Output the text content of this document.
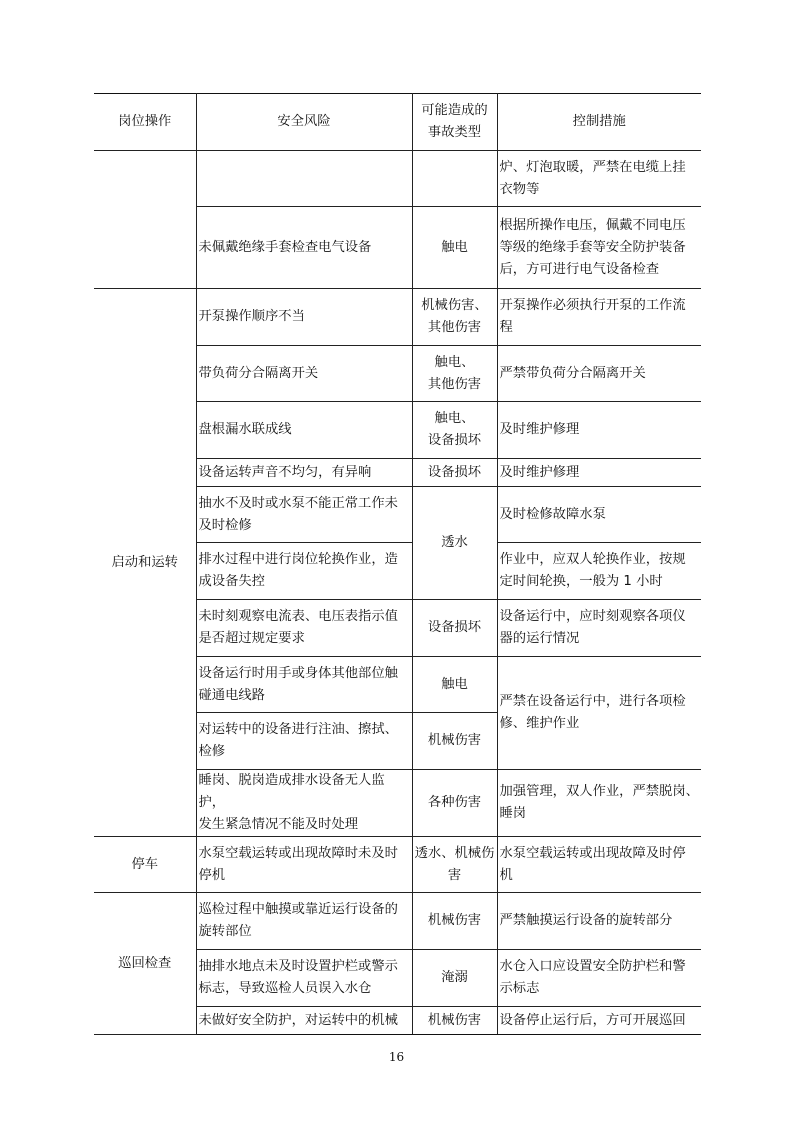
岗位操作	安全风险	可能造成的
事故类型	控制措施
			炉、灯泡取暖，严禁在电缆上挂
衣物等
	未佩戴绝缘手套检查电气设备	触电	根据所操作电压，佩戴不同电压
等级的绝缘手套等安全防护装备
后，方可进行电气设备检查
启动和运转	开泵操作顺序不当	机械伤害、
其他伤害	开泵操作必须执行开泵的工作流
程
	带负荷分合隔离开关	触电、
其他伤害	严禁带负荷分合隔离开关
	盘根漏水联成线	触电、
设备损坏	及时维护修理
	设备运转声音不均匀，有异响	设备损坏	及时维护修理
	抽水不及时或水泵不能正常工作未
及时检修	透水	及时检修故障水泵
	排水过程中进行岗位轮换作业，造
成设备失控		作业中，应双人轮换作业，按规
定时间轮换，一般为 1 小时
	未时刻观察电流表、电压表指示值
是否超过规定要求	设备损坏	设备运行中，应时刻观察各项仪
器的运行情况
	设备运行时用手或身体其他部位触
碰通电线路	触电	严禁在设备运行中，进行各项检
修、维护作业
	对运转中的设备进行注油、擦拭、
检修	机械伤害	
	睡岗、脱岗造成排水设备无人监护，
发生紧急情况不能及时处理	各种伤害	加强管理，双人作业，严禁脱岗、
睡岗
停车	水泵空载运转或出现故障时未及时
停机	透水、机械伤
害	水泵空载运转或出现故障及时停
机
巡回检查	巡检过程中触摸或靠近运行设备的
旋转部位	机械伤害	严禁触摸运行设备的旋转部分
	抽排水地点未及时设置护栏或警示
标志，导致巡检人员误入水仓	淹溺	水仓入口应设置安全防护栏和警
示标志
	未做好安全防护，对运转中的机械	机械伤害	设备停止运行后，方可开展巡回
16
